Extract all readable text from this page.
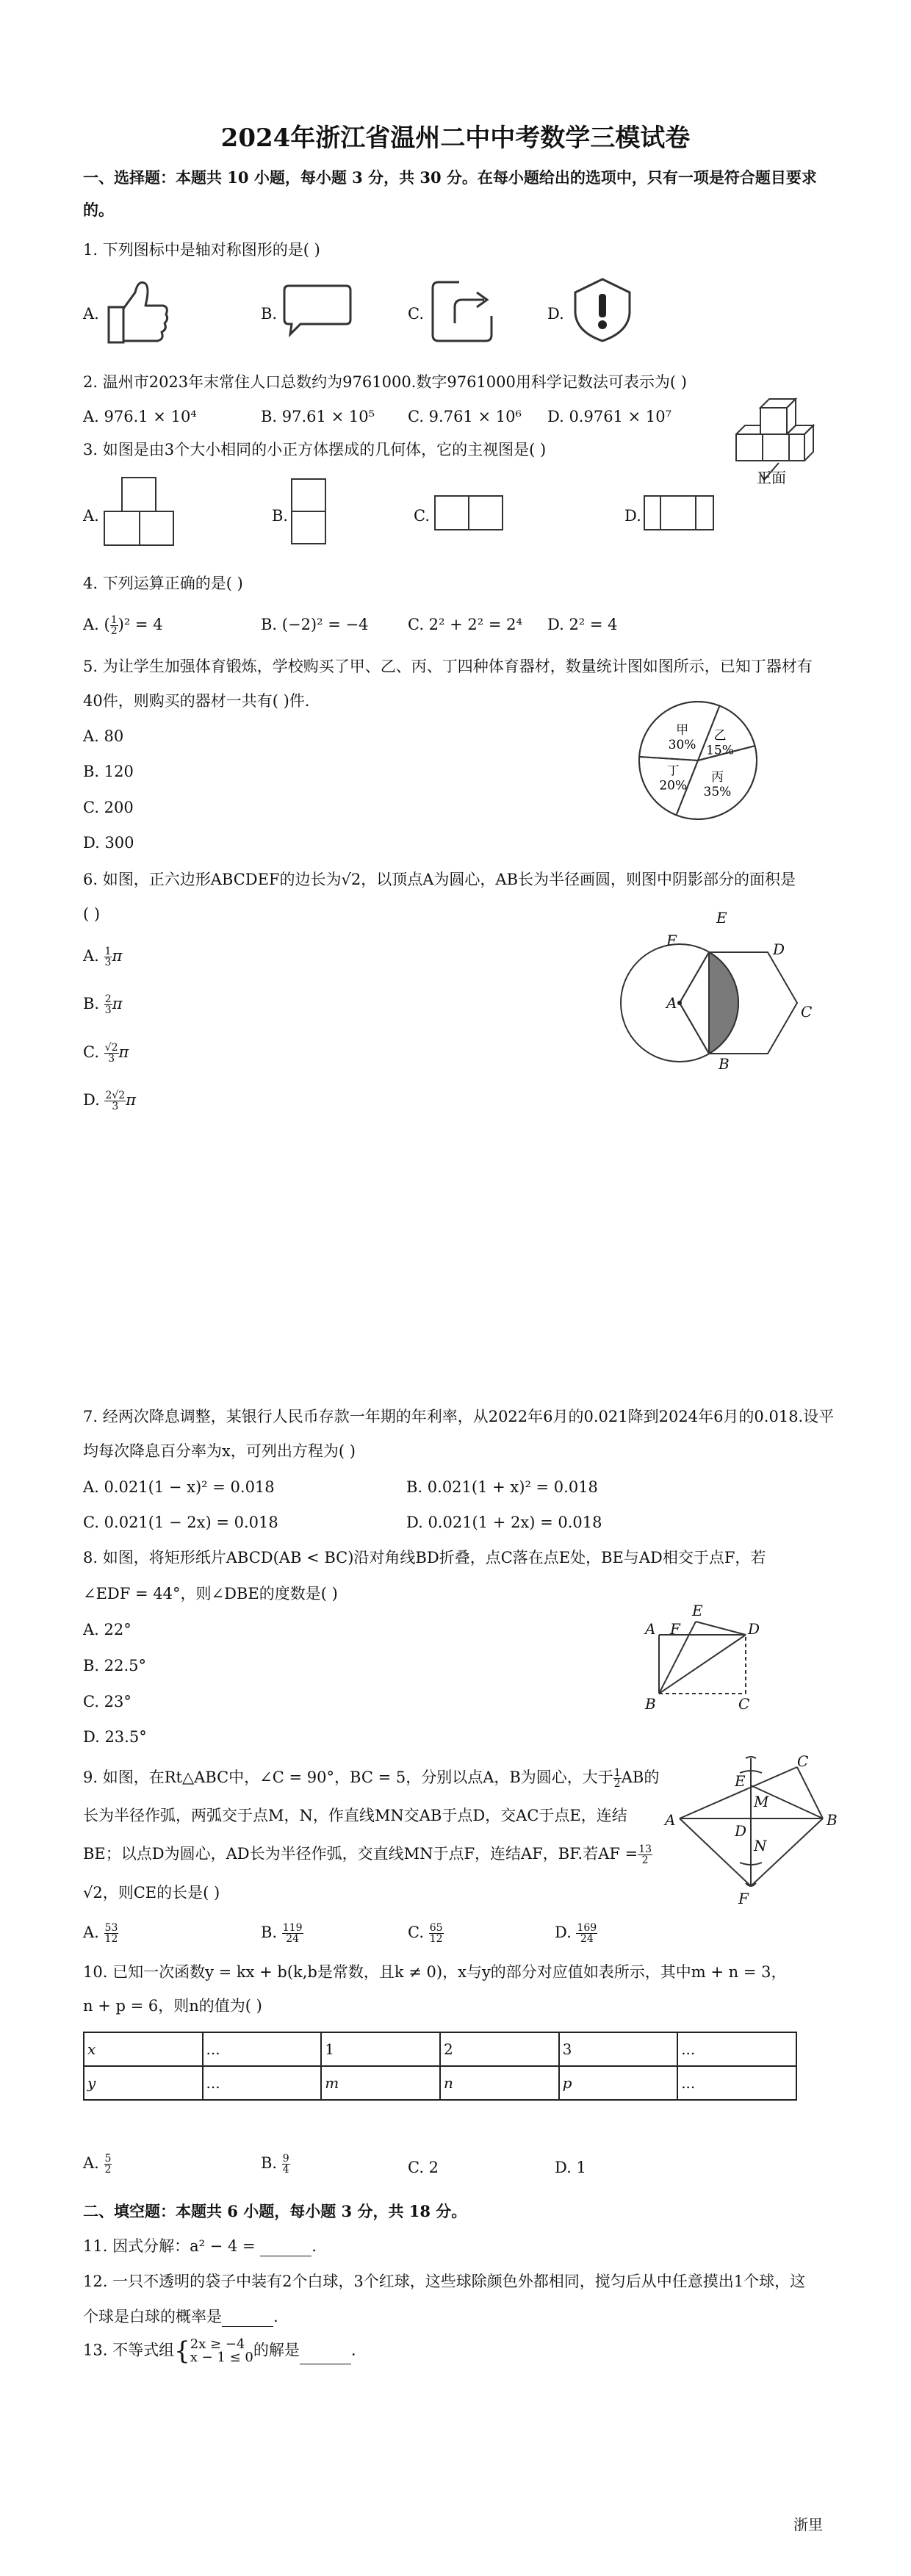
2024年浙江省温州二中中考数学三模试卷
一、选择题：本题共 10 小题，每小题 3 分，共 30 分。在每小题给出的选项中，只有一项是符合题目要求
的。
1. 下列图标中是轴对称图形的是( )
A.	B.	C.	D.
2. 温州市2023年末常住人口总数约为9761000.数字9761000用科学记数法可表示为( )
A. 976.1 × 10⁴	B. 97.61 × 10⁵ C. 9.761 × 10⁶ D. 0.9761 × 10⁷
正面
3. 如图是由3个大小相同的小正方体摆成的几何体，它的主视图是( )
A.	B.	C.	D.
4. 下列运算正确的是( )
A. ( $\frac{1}{2} )^2 = 4$	B. (−2)² = −4	C. 2² + 2² = 2⁴ D. 2² = 4
5. 为让学生加强体育锻炼，学校购买了甲、乙、丙、丁四种体育器材，数量统计图如图所示，已知丁器材有
40件，则购买的器材一共有( )件.
A. 80
B. 120
C. 200
D. 300
甲
30%
乙
15%
丙
35%
丁
20%
6. 如图，正六边形ABCDEF的边长为√2，以顶点A为圆心，AB长为半径画圆，则图中阴影部分的面积是
( )
A. $\frac{1}{3}$ π
B. $\frac{2}{3}$ π
C. $\frac{√2}{3}$ π
D. $\frac{2√2}{3}$ π
A
B
C
D
E
F
7. 经两次降息调整，某银行人民币存款一年期的年利率，从2022年6月的0.021降到2024年6月的0.018.设平
均每次降息百分率为x，可列出方程为( )
A. 0.021(1 − x)² = 0.018	B. 0.021(1 + x)² = 0.018
C. 0.021(1 − 2x) = 0.018	D. 0.021(1 + 2x) = 0.018
8. 如图，将矩形纸片ABCD(AB < BC)沿对角线BD折叠，点C落在点E处，BE与AD相交于点F，若
∠EDF = 44°，则∠DBE的度数是( )
A. 22°
B. 22.5°
C. 23°
D. 23.5°
A
B	C
D
E
F
9. 如图，在Rt△ABC中，∠C = 90°，BC = 5，分别以点A，B为圆心，大于 $\frac{1}{2}$ AB的
长为半径作弧，两弧交于点M，N，作直线MN交AB于点D，交AC于点E，连结
BE；以点D为圆心，AD长为半径作弧，交直线MN于点F，连结AF，BF.若AF = $\frac{13}{2}$
√2，则CE的长是( )
A. $\frac{53}{12}$	B. $\frac{119}{24}$	C. $\frac{65}{12}$	D. $\frac{169}{24}$
A	B
C
D
E
F
M
N
10. 已知一次函数y = kx + b(k,b是常数，且k ≠ 0)，x与y的部分对应值如表所示，其中m + n = 3，
n + p = 6，则n的值为( )
x	...	1	2	3	...
y	...	m	n	p	...
A. $\frac{5}{2}$	B. $\frac{9}{4}$	C. 2	D. 1
二、填空题：本题共 6 小题，每小题 3 分，共 18 分。
11. 因式分解：a² − 4 =	.
12. 一只不透明的袋子中装有2个白球，3个红球，这些球除颜色外都相同，搅匀后从中任意摸出1个球，这
个球是白球的概率是	.
13. 不等式组{ 2x ≥ −4
x − 1 ≤ 0 的解是	.
浙里
